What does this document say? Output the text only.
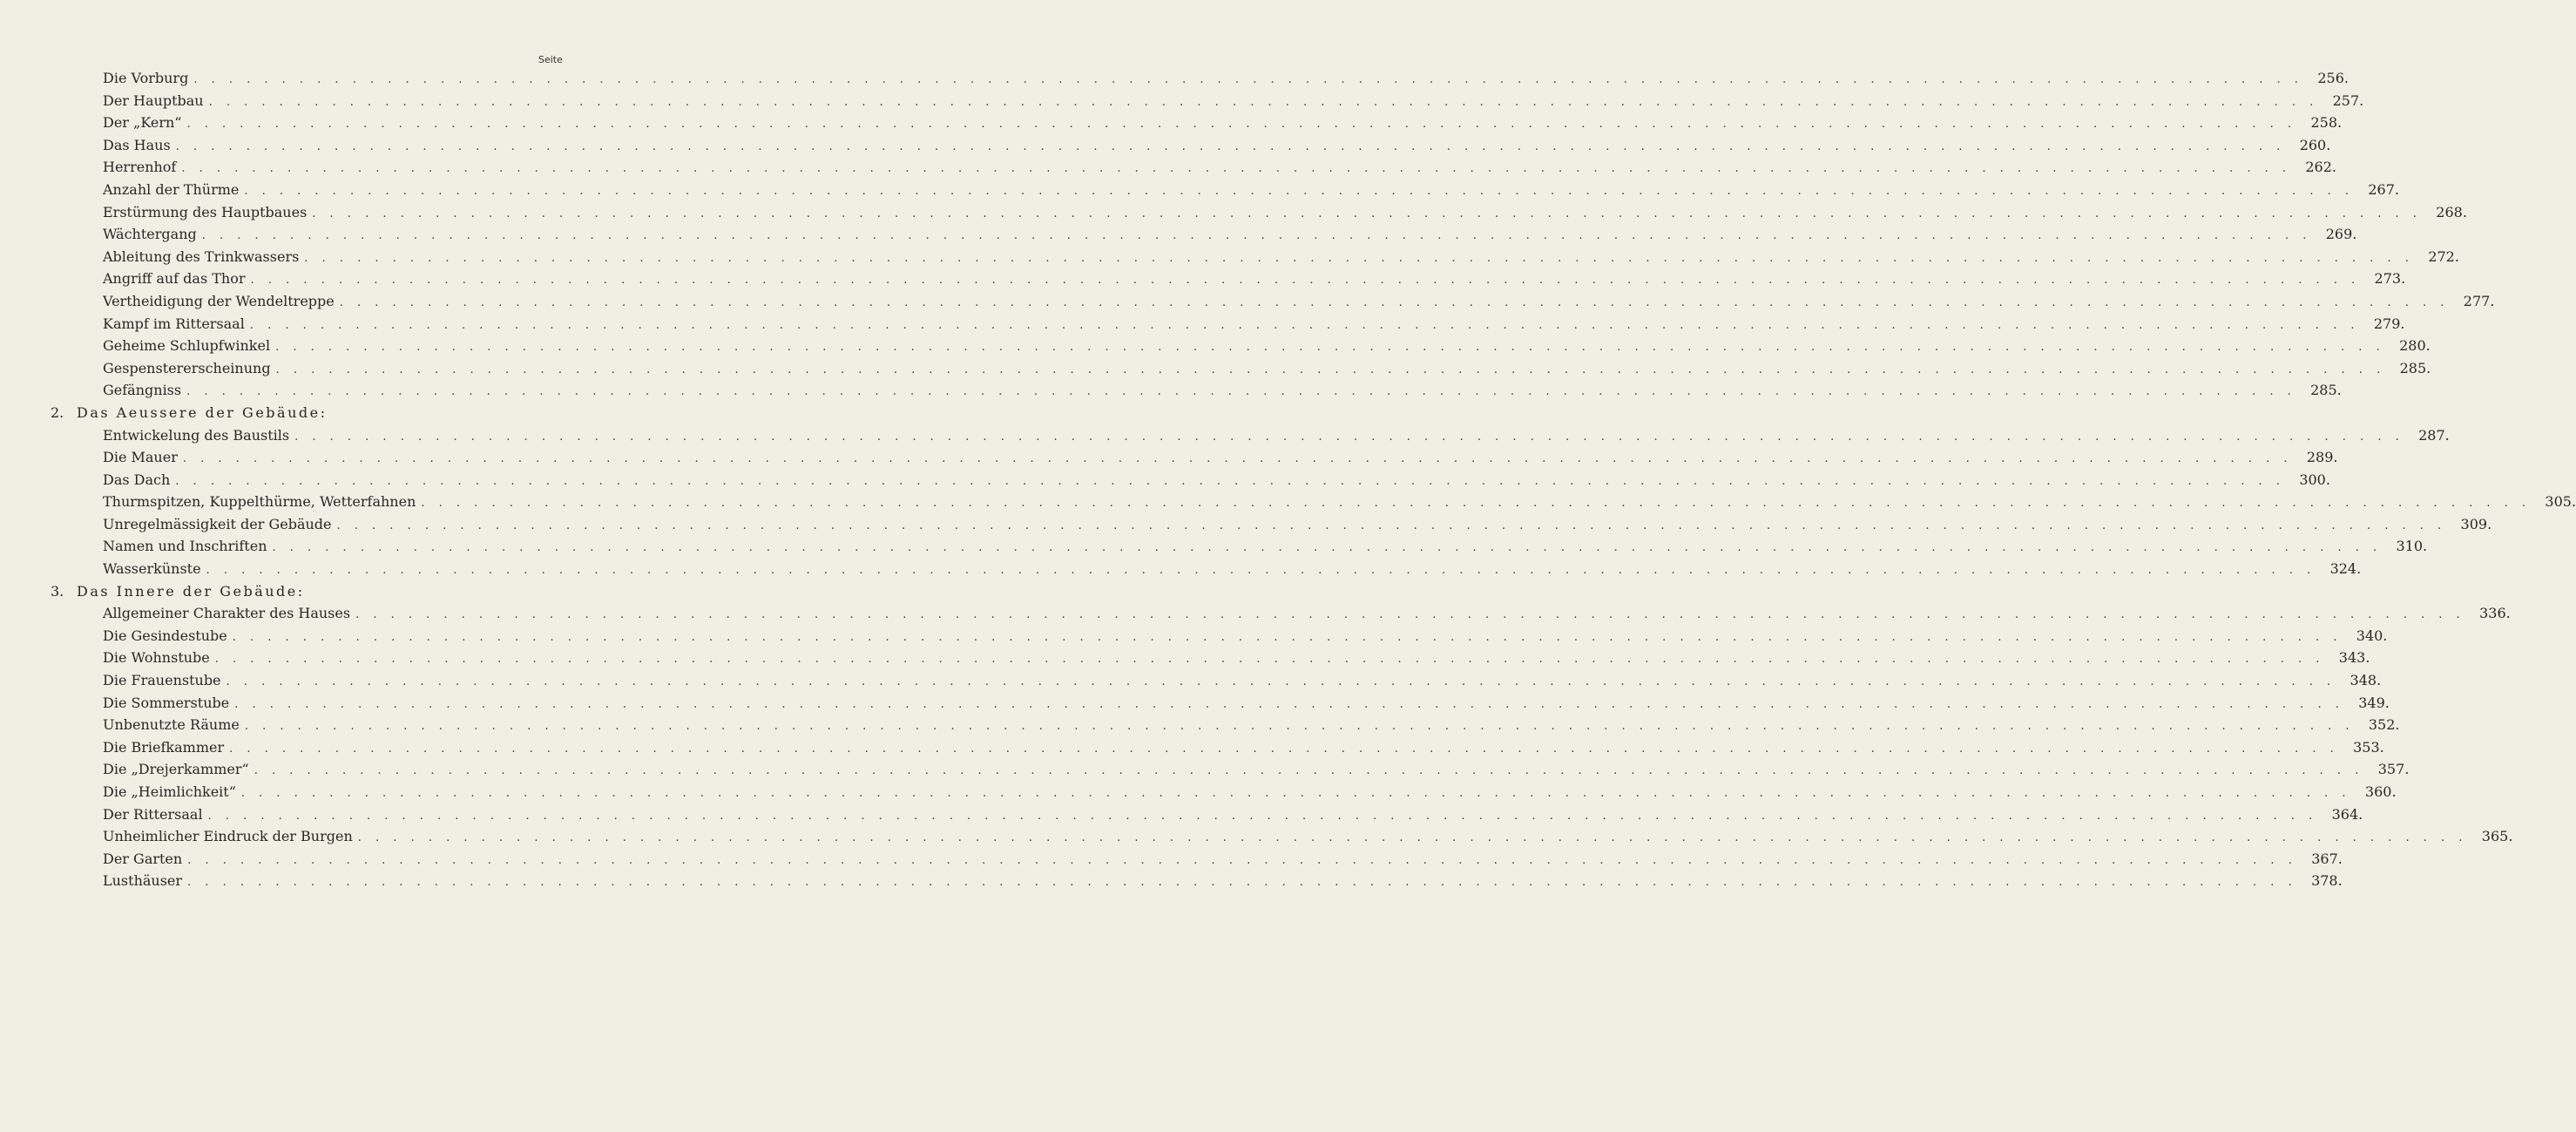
Seite
Die Vorburg . . . . . . . . . . . . . . . . . . . . . . . . . . . . . . . . . . . . . . . . . . . . . . . . . . . . . . . . . . . . . . . . . . . . . . . . . . . . . . . . . . . . . . . . . . . . . . . . . . . . . . . . . . . . . . . . . . . . . . . .	256.
Der Hauptbau . . . . . . . . . . . . . . . . . . . . . . . . . . . . . . . . . . . . . . . . . . . . . . . . . . . . . . . . . . . . . . . . . . . . . . . . . . . . . . . . . . . . . . . . . . . . . . . . . . . . . . . . . . . . . . . . . . . . . . . .	257.
Der „Kern“ . . . . . . . . . . . . . . . . . . . . . . . . . . . . . . . . . . . . . . . . . . . . . . . . . . . . . . . . . . . . . . . . . . . . . . . . . . . . . . . . . . . . . . . . . . . . . . . . . . . . . . . . . . . . . . . . . . . . . . . .	258.
Das Haus . . . . . . . . . . . . . . . . . . . . . . . . . . . . . . . . . . . . . . . . . . . . . . . . . . . . . . . . . . . . . . . . . . . . . . . . . . . . . . . . . . . . . . . . . . . . . . . . . . . . . . . . . . . . . . . . . . . . . . . .	260.
Herrenhof . . . . . . . . . . . . . . . . . . . . . . . . . . . . . . . . . . . . . . . . . . . . . . . . . . . . . . . . . . . . . . . . . . . . . . . . . . . . . . . . . . . . . . . . . . . . . . . . . . . . . . . . . . . . . . . . . . . . . . . .	262.
Anzahl der Thürme . . . . . . . . . . . . . . . . . . . . . . . . . . . . . . . . . . . . . . . . . . . . . . . . . . . . . . . . . . . . . . . . . . . . . . . . . . . . . . . . . . . . . . . . . . . . . . . . . . . . . . . . . . . . . . . . . . . . . . . .	267.
Erstürmung des Hauptbaues . . . . . . . . . . . . . . . . . . . . . . . . . . . . . . . . . . . . . . . . . . . . . . . . . . . . . . . . . . . . . . . . . . . . . . . . . . . . . . . . . . . . . . . . . . . . . . . . . . . . . . . . . . . . . . . . . . . . . . . .	268.
Wächtergang . . . . . . . . . . . . . . . . . . . . . . . . . . . . . . . . . . . . . . . . . . . . . . . . . . . . . . . . . . . . . . . . . . . . . . . . . . . . . . . . . . . . . . . . . . . . . . . . . . . . . . . . . . . . . . . . . . . . . . . .	269.
Ableitung des Trinkwassers . . . . . . . . . . . . . . . . . . . . . . . . . . . . . . . . . . . . . . . . . . . . . . . . . . . . . . . . . . . . . . . . . . . . . . . . . . . . . . . . . . . . . . . . . . . . . . . . . . . . . . . . . . . . . . . . . . . . . . . .	272.
Angriff auf das Thor . . . . . . . . . . . . . . . . . . . . . . . . . . . . . . . . . . . . . . . . . . . . . . . . . . . . . . . . . . . . . . . . . . . . . . . . . . . . . . . . . . . . . . . . . . . . . . . . . . . . . . . . . . . . . . . . . . . . . . . .	273.
Vertheidigung der Wendeltreppe . . . . . . . . . . . . . . . . . . . . . . . . . . . . . . . . . . . . . . . . . . . . . . . . . . . . . . . . . . . . . . . . . . . . . . . . . . . . . . . . . . . . . . . . . . . . . . . . . . . . . . . . . . . . . . . . . . . . . . . .	277.
Kampf im Rittersaal . . . . . . . . . . . . . . . . . . . . . . . . . . . . . . . . . . . . . . . . . . . . . . . . . . . . . . . . . . . . . . . . . . . . . . . . . . . . . . . . . . . . . . . . . . . . . . . . . . . . . . . . . . . . . . . . . . . . . . . .	279.
Geheime Schlupfwinkel . . . . . . . . . . . . . . . . . . . . . . . . . . . . . . . . . . . . . . . . . . . . . . . . . . . . . . . . . . . . . . . . . . . . . . . . . . . . . . . . . . . . . . . . . . . . . . . . . . . . . . . . . . . . . . . . . . . . . . . .	280.
Gespenstererscheinung . . . . . . . . . . . . . . . . . . . . . . . . . . . . . . . . . . . . . . . . . . . . . . . . . . . . . . . . . . . . . . . . . . . . . . . . . . . . . . . . . . . . . . . . . . . . . . . . . . . . . . . . . . . . . . . . . . . . . . . .	285.
Gefängniss . . . . . . . . . . . . . . . . . . . . . . . . . . . . . . . . . . . . . . . . . . . . . . . . . . . . . . . . . . . . . . . . . . . . . . . . . . . . . . . . . . . . . . . . . . . . . . . . . . . . . . . . . . . . . . . . . . . . . . . .	285.
2. Das Aeussere der Gebäude:
Entwickelung des Baustils . . . . . . . . . . . . . . . . . . . . . . . . . . . . . . . . . . . . . . . . . . . . . . . . . . . . . . . . . . . . . . . . . . . . . . . . . . . . . . . . . . . . . . . . . . . . . . . . . . . . . . . . . . . . . . . . . . . . . . . .	287.
Die Mauer . . . . . . . . . . . . . . . . . . . . . . . . . . . . . . . . . . . . . . . . . . . . . . . . . . . . . . . . . . . . . . . . . . . . . . . . . . . . . . . . . . . . . . . . . . . . . . . . . . . . . . . . . . . . . . . . . . . . . . . .	289.
Das Dach . . . . . . . . . . . . . . . . . . . . . . . . . . . . . . . . . . . . . . . . . . . . . . . . . . . . . . . . . . . . . . . . . . . . . . . . . . . . . . . . . . . . . . . . . . . . . . . . . . . . . . . . . . . . . . . . . . . . . . . .	300.
Thurmspitzen, Kuppelthürme, Wetterfahnen . . . . . . . . . . . . . . . . . . . . . . . . . . . . . . . . . . . . . . . . . . . . . . . . . . . . . . . . . . . . . . . . . . . . . . . . . . . . . . . . . . . . . . . . . . . . . . . . . . . . . . . . . . . . . . . . . . . . . . . .	305.
Unregelmässigkeit der Gebäude . . . . . . . . . . . . . . . . . . . . . . . . . . . . . . . . . . . . . . . . . . . . . . . . . . . . . . . . . . . . . . . . . . . . . . . . . . . . . . . . . . . . . . . . . . . . . . . . . . . . . . . . . . . . . . . . . . . . . . . .	309.
Namen und Inschriften . . . . . . . . . . . . . . . . . . . . . . . . . . . . . . . . . . . . . . . . . . . . . . . . . . . . . . . . . . . . . . . . . . . . . . . . . . . . . . . . . . . . . . . . . . . . . . . . . . . . . . . . . . . . . . . . . . . . . . . .	310.
Wasserkünste . . . . . . . . . . . . . . . . . . . . . . . . . . . . . . . . . . . . . . . . . . . . . . . . . . . . . . . . . . . . . . . . . . . . . . . . . . . . . . . . . . . . . . . . . . . . . . . . . . . . . . . . . . . . . . . . . . . . . . . .	324.
3. Das Innere der Gebäude:
Allgemeiner Charakter des Hauses . . . . . . . . . . . . . . . . . . . . . . . . . . . . . . . . . . . . . . . . . . . . . . . . . . . . . . . . . . . . . . . . . . . . . . . . . . . . . . . . . . . . . . . . . . . . . . . . . . . . . . . . . . . . . . . . . . . . . . . .	336.
Die Gesindestube . . . . . . . . . . . . . . . . . . . . . . . . . . . . . . . . . . . . . . . . . . . . . . . . . . . . . . . . . . . . . . . . . . . . . . . . . . . . . . . . . . . . . . . . . . . . . . . . . . . . . . . . . . . . . . . . . . . . . . . .	340.
Die Wohnstube . . . . . . . . . . . . . . . . . . . . . . . . . . . . . . . . . . . . . . . . . . . . . . . . . . . . . . . . . . . . . . . . . . . . . . . . . . . . . . . . . . . . . . . . . . . . . . . . . . . . . . . . . . . . . . . . . . . . . . . .	343.
Die Frauenstube . . . . . . . . . . . . . . . . . . . . . . . . . . . . . . . . . . . . . . . . . . . . . . . . . . . . . . . . . . . . . . . . . . . . . . . . . . . . . . . . . . . . . . . . . . . . . . . . . . . . . . . . . . . . . . . . . . . . . . . .	348.
Die Sommerstube . . . . . . . . . . . . . . . . . . . . . . . . . . . . . . . . . . . . . . . . . . . . . . . . . . . . . . . . . . . . . . . . . . . . . . . . . . . . . . . . . . . . . . . . . . . . . . . . . . . . . . . . . . . . . . . . . . . . . . . .	349.
Unbenutzte Räume . . . . . . . . . . . . . . . . . . . . . . . . . . . . . . . . . . . . . . . . . . . . . . . . . . . . . . . . . . . . . . . . . . . . . . . . . . . . . . . . . . . . . . . . . . . . . . . . . . . . . . . . . . . . . . . . . . . . . . . .	352.
Die Briefkammer . . . . . . . . . . . . . . . . . . . . . . . . . . . . . . . . . . . . . . . . . . . . . . . . . . . . . . . . . . . . . . . . . . . . . . . . . . . . . . . . . . . . . . . . . . . . . . . . . . . . . . . . . . . . . . . . . . . . . . . .	353.
Die „Drejerkammer“ . . . . . . . . . . . . . . . . . . . . . . . . . . . . . . . . . . . . . . . . . . . . . . . . . . . . . . . . . . . . . . . . . . . . . . . . . . . . . . . . . . . . . . . . . . . . . . . . . . . . . . . . . . . . . . . . . . . . . . . .	357.
Die „Heimlichkeit“ . . . . . . . . . . . . . . . . . . . . . . . . . . . . . . . . . . . . . . . . . . . . . . . . . . . . . . . . . . . . . . . . . . . . . . . . . . . . . . . . . . . . . . . . . . . . . . . . . . . . . . . . . . . . . . . . . . . . . . . .	360.
Der Rittersaal . . . . . . . . . . . . . . . . . . . . . . . . . . . . . . . . . . . . . . . . . . . . . . . . . . . . . . . . . . . . . . . . . . . . . . . . . . . . . . . . . . . . . . . . . . . . . . . . . . . . . . . . . . . . . . . . . . . . . . . .	364.
Unheimlicher Eindruck der Burgen . . . . . . . . . . . . . . . . . . . . . . . . . . . . . . . . . . . . . . . . . . . . . . . . . . . . . . . . . . . . . . . . . . . . . . . . . . . . . . . . . . . . . . . . . . . . . . . . . . . . . . . . . . . . . . . . . . . . . . . .	365.
Der Garten . . . . . . . . . . . . . . . . . . . . . . . . . . . . . . . . . . . . . . . . . . . . . . . . . . . . . . . . . . . . . . . . . . . . . . . . . . . . . . . . . . . . . . . . . . . . . . . . . . . . . . . . . . . . . . . . . . . . . . . .	367.
Lusthäuser . . . . . . . . . . . . . . . . . . . . . . . . . . . . . . . . . . . . . . . . . . . . . . . . . . . . . . . . . . . . . . . . . . . . . . . . . . . . . . . . . . . . . . . . . . . . . . . . . . . . . . . . . . . . . . . . . . . . . . . .	378.
